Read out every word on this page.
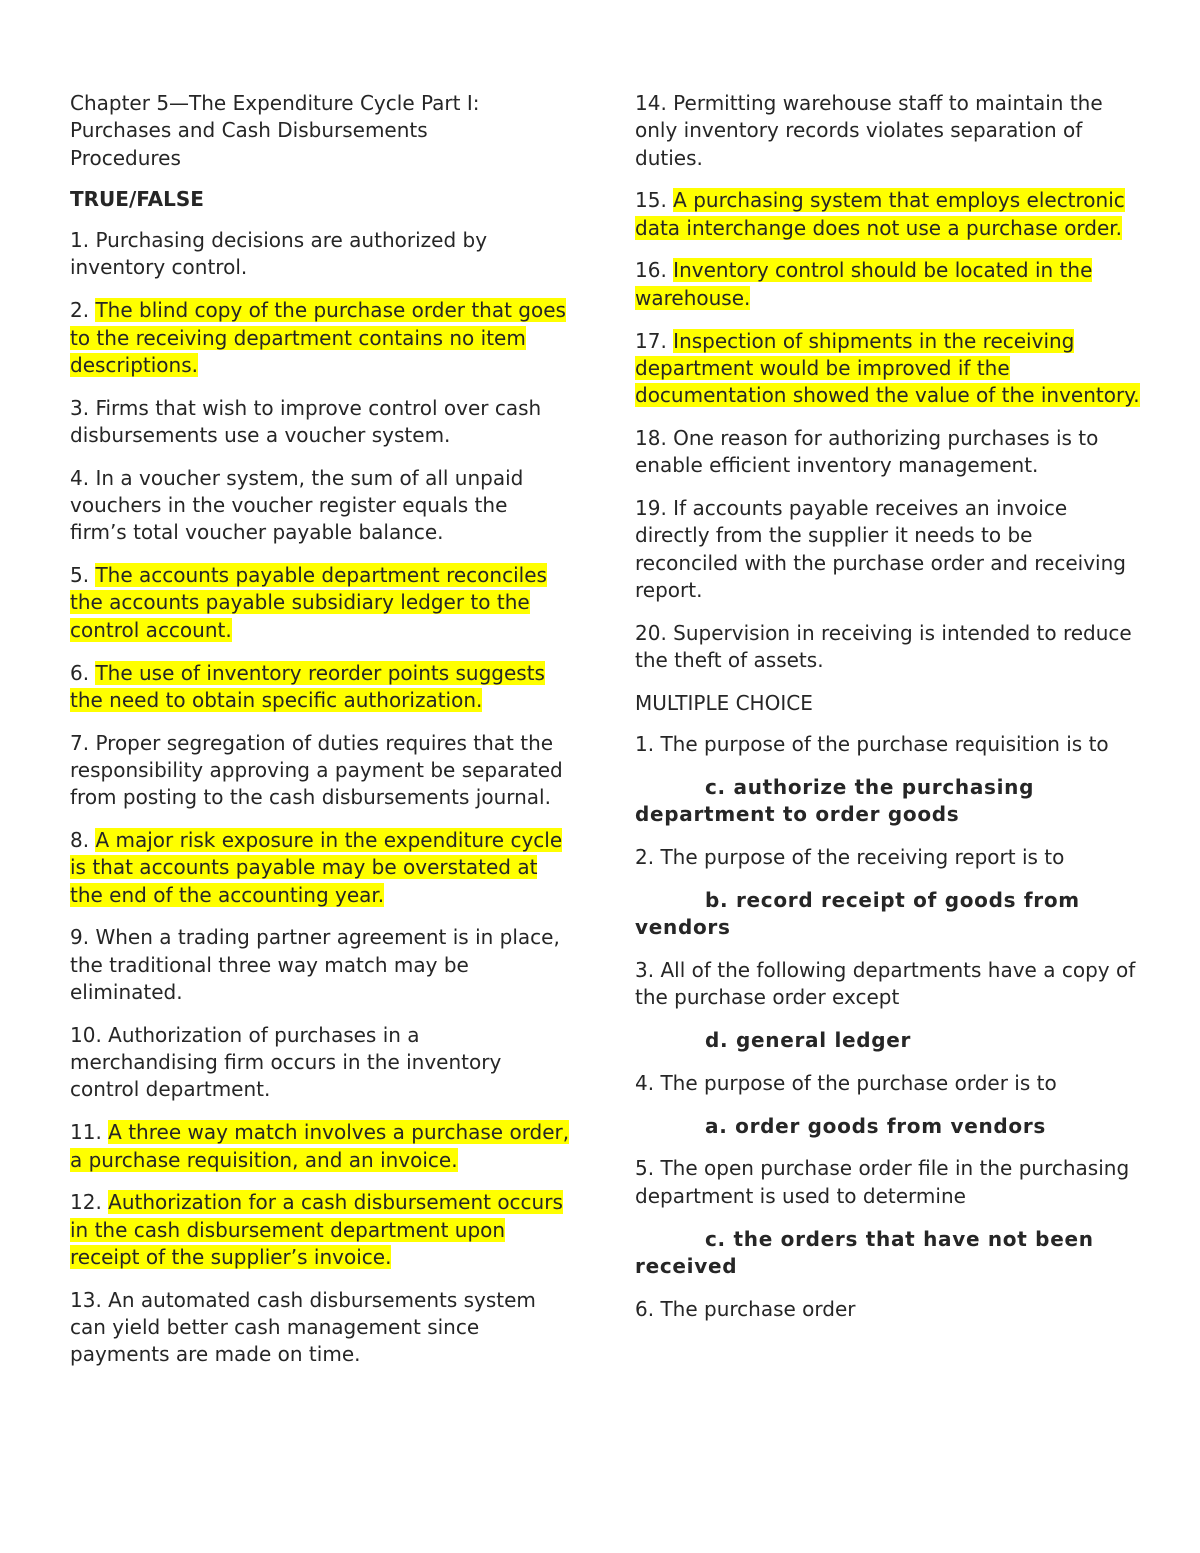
Chapter 5—The Expenditure Cycle Part I:
Purchases and Cash Disbursements
Procedures

TRUE/FALSE

1. Purchasing decisions are authorized by inventory control.

2. The blind copy of the purchase order that goes to the receiving department contains no item descriptions.

3. Firms that wish to improve control over cash disbursements use a voucher system.

4. In a voucher system, the sum of all unpaid vouchers in the voucher register equals the firm’s total voucher payable balance.

5. The accounts payable department reconciles the accounts payable subsidiary ledger to the control account.

6. The use of inventory reorder points suggests the need to obtain specific authorization.

7. Proper segregation of duties requires that the responsibility approving a payment be separated from posting to the cash disbursements journal.

8. A major risk exposure in the expenditure cycle is that accounts payable may be overstated at the end of the accounting year.

9. When a trading partner agreement is in place, the traditional three way match may be eliminated.

10. Authorization of purchases in a merchandising firm occurs in the inventory control department.

11. A three way match involves a purchase order, a purchase requisition, and an invoice.

12. Authorization for a cash disbursement occurs in the cash disbursement department upon receipt of the supplier’s invoice.

13. An automated cash disbursements system can yield better cash management since payments are made on time.

14. Permitting warehouse staff to maintain the only inventory records violates separation of duties.

15. A purchasing system that employs electronic data interchange does not use a purchase order.

16. Inventory control should be located in the warehouse.

17. Inspection of shipments in the receiving department would be improved if the documentation showed the value of the inventory.

18. One reason for authorizing purchases is to enable efficient inventory management.

19. If accounts payable receives an invoice directly from the supplier it needs to be reconciled with the purchase order and receiving report.

20. Supervision in receiving is intended to reduce the theft of assets.

MULTIPLE CHOICE

1. The purpose of the purchase requisition is to

c. authorize the purchasing department to order goods

2. The purpose of the receiving report is to

b. record receipt of goods from vendors

3. All of the following departments have a copy of the purchase order except

d. general ledger

4. The purpose of the purchase order is to

a. order goods from vendors

5. The open purchase order file in the purchasing department is used to determine

c. the orders that have not been received

6. The purchase order
